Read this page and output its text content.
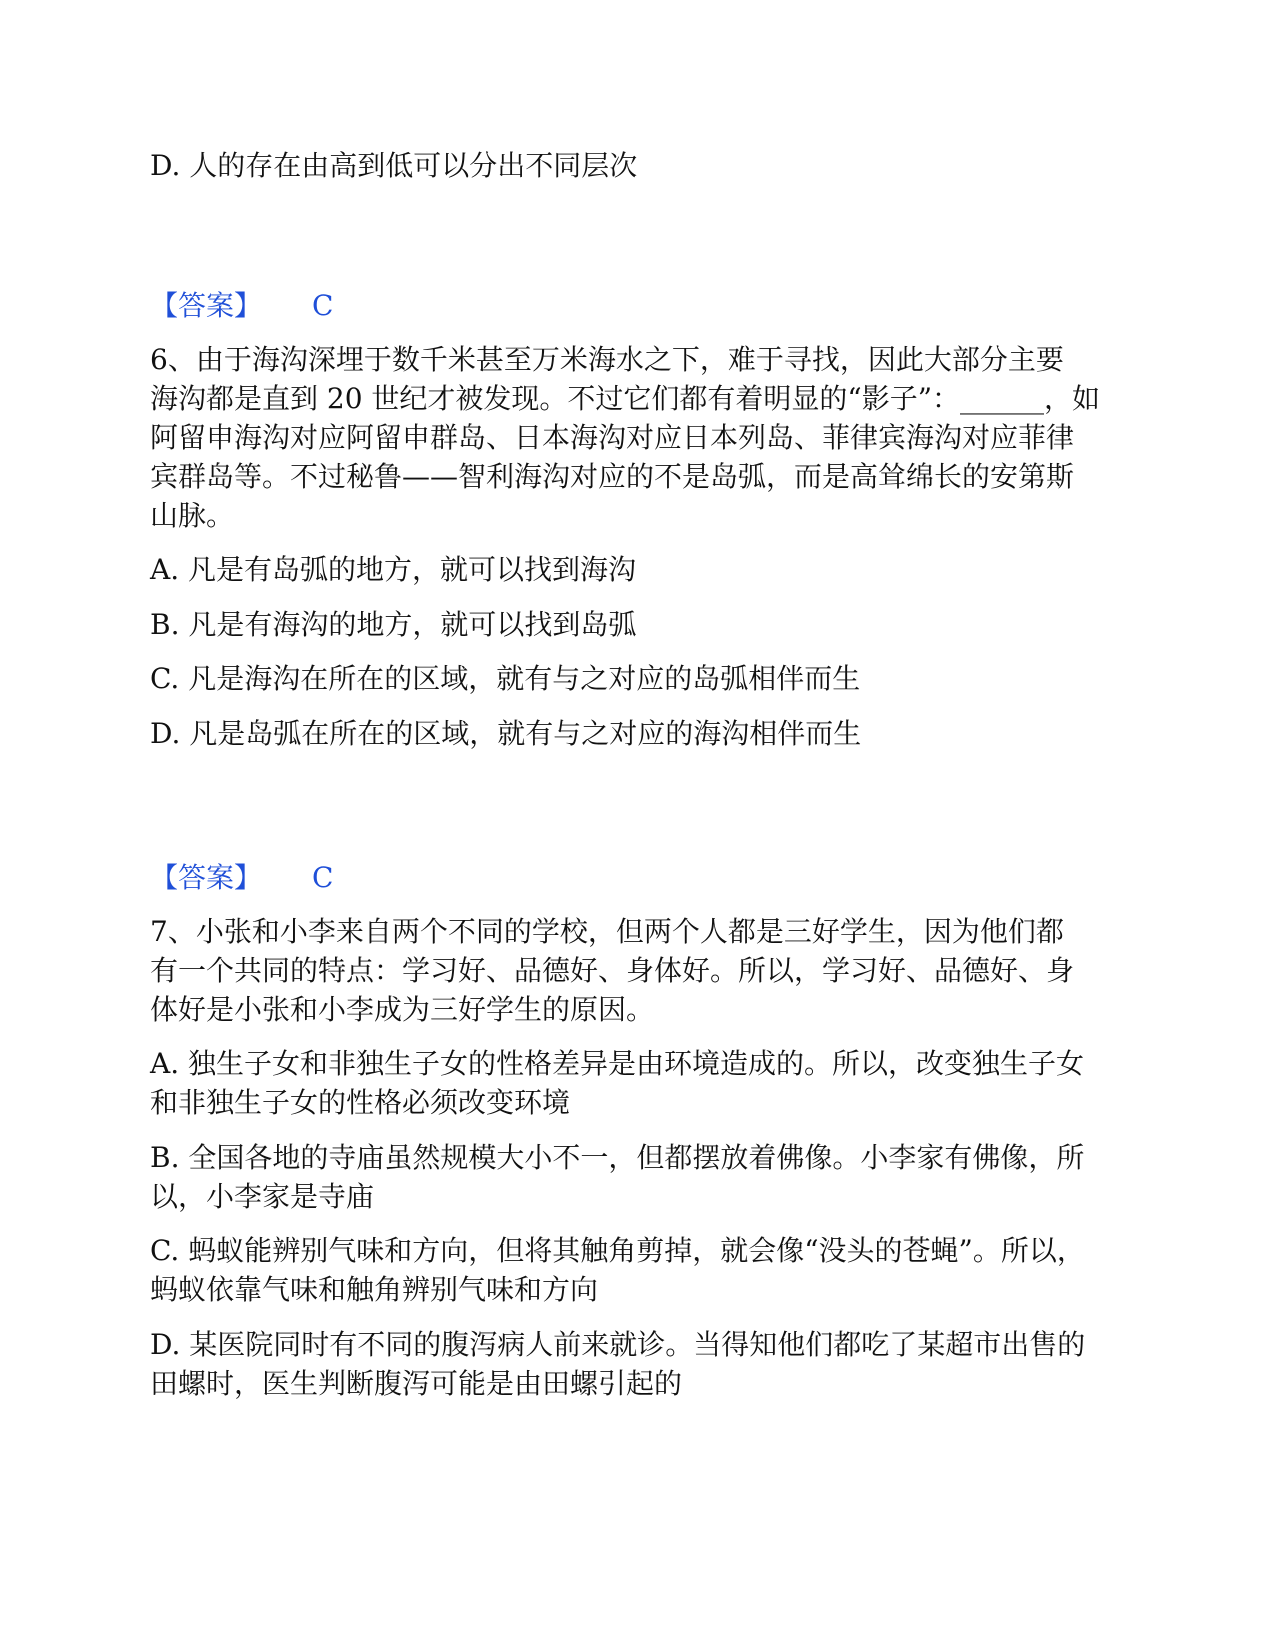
D. 人的存在由高到低可以分出不同层次

【答案】 C

6、由于海沟深埋于数千米甚至万米海水之下，难于寻找，因此大部分主要

海沟都是直到 20 世纪才被发现。不过它们都有着明显的“影子”：______，如

阿留申海沟对应阿留申群岛、日本海沟对应日本列岛、菲律宾海沟对应菲律

宾群岛等。不过秘鲁——智利海沟对应的不是岛弧，而是高耸绵长的安第斯

山脉。

A. 凡是有岛弧的地方，就可以找到海沟

B. 凡是有海沟的地方，就可以找到岛弧

C. 凡是海沟在所在的区域，就有与之对应的岛弧相伴而生

D. 凡是岛弧在所在的区域，就有与之对应的海沟相伴而生

【答案】 C

7、小张和小李来自两个不同的学校，但两个人都是三好学生，因为他们都

有一个共同的特点：学习好、品德好、身体好。所以，学习好、品德好、身

体好是小张和小李成为三好学生的原因。

A. 独生子女和非独生子女的性格差异是由环境造成的。所以，改变独生子女

和非独生子女的性格必须改变环境

B. 全国各地的寺庙虽然规模大小不一，但都摆放着佛像。小李家有佛像，所

以，小李家是寺庙

C. 蚂蚁能辨别气味和方向，但将其触角剪掉，就会像“没头的苍蝇”。所以，

蚂蚁依靠气味和触角辨别气味和方向

D. 某医院同时有不同的腹泻病人前来就诊。当得知他们都吃了某超市出售的

田螺时，医生判断腹泻可能是由田螺引起的
